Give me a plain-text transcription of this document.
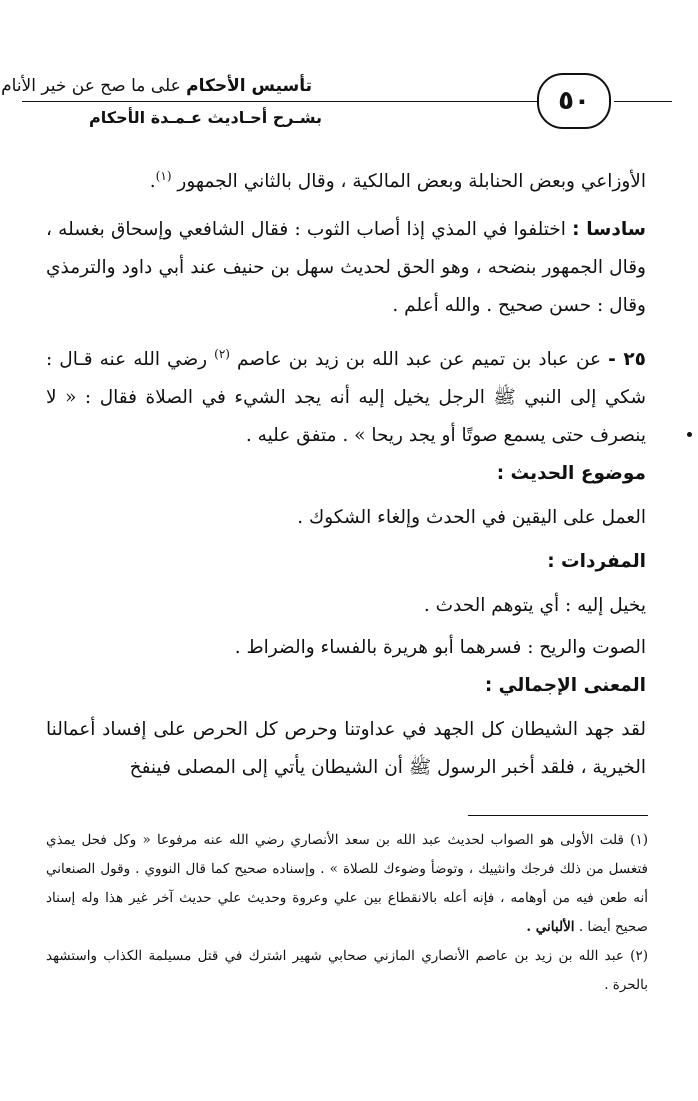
تأسيس الأحكام على ما صح عن خير الأنام
بشـرح أحـاديث عـمـدة الأحكام
٥٠

الأوزاعي وبعض الحنابلة وبعض المالكية ، وقال بالثاني الجمهور $^{(١)}$.

سادسا : اختلفوا في المذي إذا أصاب الثوب : فقال الشافعي وإسحاق بغسله ، وقال الجمهور بنضحه ، وهو الحق لحديث سهل بن حنيف عند أبي داود والترمذي وقال : حسن صحيح . والله أعلم .

٢٥ - عن عباد بن تميم عن عبد الله بن زيد بن عاصم $^{(٢)}$ رضي الله عنه قـال : شكي إلى النبي ﷺ الرجل يخيل إليه أنه يجد الشيء في الصلاة فقال : « لا ينصرف حتى يسمع صوتًا أو يجد ريحا » . متفق عليه .

موضوع الحديث :

العمل على اليقين في الحدث وإلغاء الشكوك .

المفردات :

يخيل إليه : أي يتوهم الحدث .

الصوت والريح : فسرهما أبو هريرة بالفساء والضراط .

المعنى الإجمالي :

لقد جهد الشيطان كل الجهد في عداوتنا وحرص كل الحرص على إفساد أعمالنا الخيرية ، فلقد أخبر الرسول ﷺ أن الشيطان يأتي إلى المصلى فينفخ

(١) قلت الأولى هو الصواب لحديث عبد الله بن سعد الأنصاري رضي الله عنه مرفوعا « وكل فحل يمذي فتغسل من ذلك فرجك وانثييك ، وتوضأ وضوءك للصلاة » . وإسناده صحيح كما قال النووي . وقول الصنعاني أنه طعن فيه من أوهامه ، فإنه أعله بالانقطاع بين علي وعروة وحديث علي حديث آخر غير هذا وله إسناد صحيح أيضا . الألباني .

(٢) عبد الله بن زيد بن عاصم الأنصاري المازني صحابي شهير اشترك في قتل مسيلمة الكذاب واستشهد بالحرة .
